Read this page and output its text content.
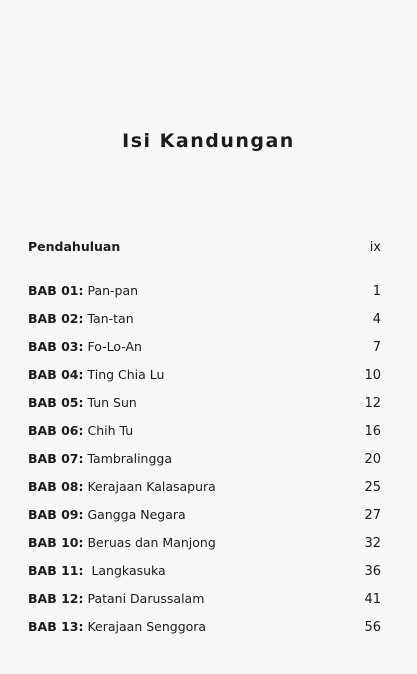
Isi Kandungan
Pendahuluan	ix
BAB 01: Pan-pan	1
BAB 02: Tan-tan	4
BAB 03: Fo-Lo-An	7
BAB 04: Ting Chia Lu	10
BAB 05: Tun Sun	12
BAB 06: Chih Tu	16
BAB 07: Tambralingga	20
BAB 08: Kerajaan Kalasapura	25
BAB 09: Gangga Negara	27
BAB 10: Beruas dan Manjong	32
BAB 11: Langkasuka	36
BAB 12: Patani Darussalam	41
BAB 13: Kerajaan Senggora	56
